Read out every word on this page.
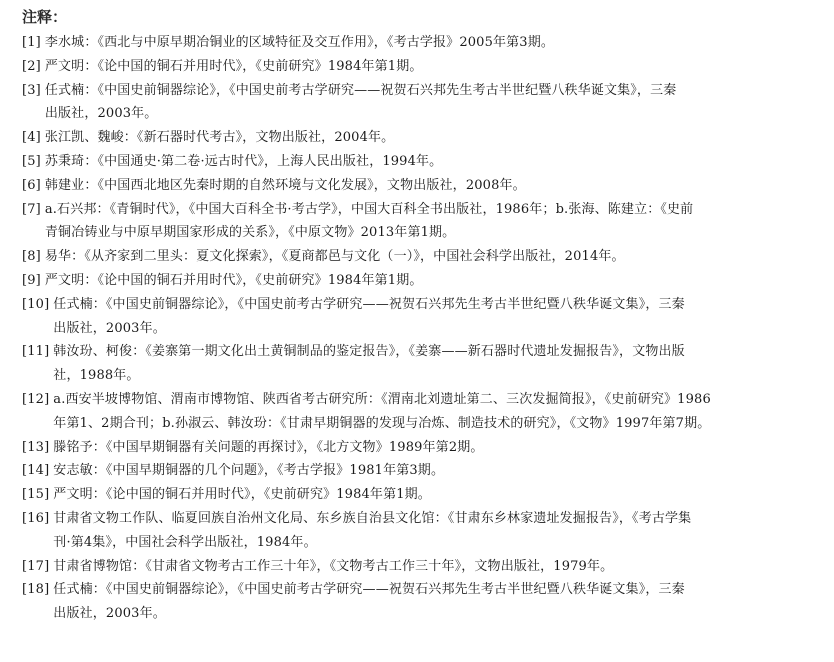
注释：
[1] 李水城：《西北与中原早期冶铜业的区域特征及交互作用》，《考古学报》2005年第3期。
[2] 严文明：《论中国的铜石并用时代》，《史前研究》1984年第1期。
[3] 任式楠：《中国史前铜器综论》，《中国史前考古学研究——祝贺石兴邦先生考古半世纪暨八秩华诞文集》，三秦
出版社，2003年。
[4] 张江凯、魏峻：《新石器时代考古》，文物出版社，2004年。
[5] 苏秉琦：《中国通史·第二卷·远古时代》，上海人民出版社，1994年。
[6] 韩建业：《中国西北地区先秦时期的自然环境与文化发展》，文物出版社，2008年。
[7] a.石兴邦：《青铜时代》，《中国大百科全书·考古学》，中国大百科全书出版社，1986年；b.张海、陈建立：《史前
青铜冶铸业与中原早期国家形成的关系》，《中原文物》2013年第1期。
[8] 易华：《从齐家到二里头：夏文化探索》，《夏商都邑与文化（一）》，中国社会科学出版社，2014年。
[9] 严文明：《论中国的铜石并用时代》，《史前研究》1984年第1期。
[10] 任式楠：《中国史前铜器综论》，《中国史前考古学研究——祝贺石兴邦先生考古半世纪暨八秩华诞文集》，三秦
出版社，2003年。
[11] 韩汝玢、柯俊：《姜寨第一期文化出土黄铜制品的鉴定报告》，《姜寨——新石器时代遗址发掘报告》，文物出版
社，1988年。
[12] a.西安半坡博物馆、渭南市博物馆、陕西省考古研究所：《渭南北刘遗址第二、三次发掘简报》，《史前研究》1986
年第1、2期合刊；b.孙淑云、韩汝玢：《甘肃早期铜器的发现与冶炼、制造技术的研究》，《文物》1997年第7期。
[13] 滕铭予：《中国早期铜器有关问题的再探讨》，《北方文物》1989年第2期。
[14] 安志敏：《中国早期铜器的几个问题》，《考古学报》1981年第3期。
[15] 严文明：《论中国的铜石并用时代》，《史前研究》1984年第1期。
[16] 甘肃省文物工作队、临夏回族自治州文化局、东乡族自治县文化馆：《甘肃东乡林家遗址发掘报告》，《考古学集
刊·第4集》，中国社会科学出版社，1984年。
[17] 甘肃省博物馆：《甘肃省文物考古工作三十年》，《文物考古工作三十年》，文物出版社，1979年。
[18] 任式楠：《中国史前铜器综论》，《中国史前考古学研究——祝贺石兴邦先生考古半世纪暨八秩华诞文集》，三秦
出版社，2003年。
